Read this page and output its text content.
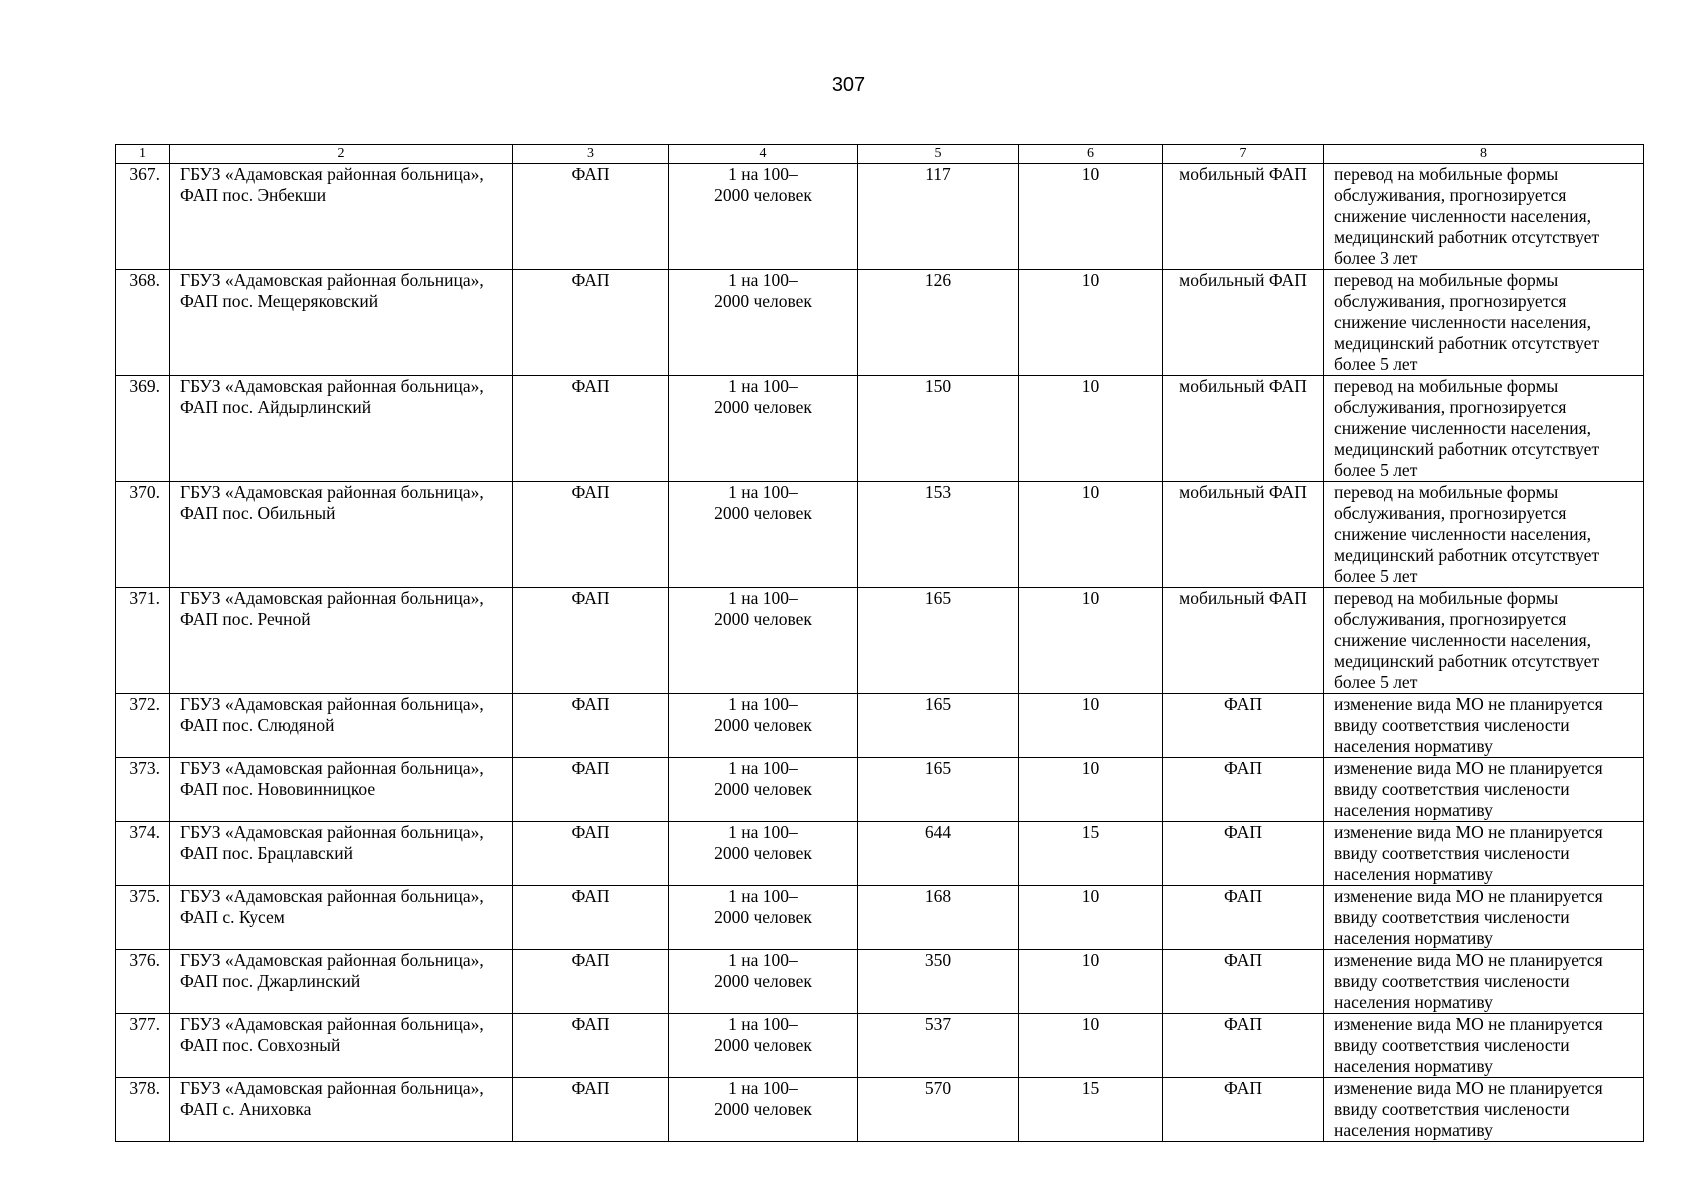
307
1	2	3	4	5	6	7	8
367.	ГБУЗ «Адамовская районная больница»,
ФАП пос. Энбекши	ФАП	1 на 100–
2000 человек	117	10	мобильный ФАП	перевод на мобильные формы
обслуживания, прогнозируется
снижение численности населения,
медицинский работник отсутствует
более 3 лет
368.	ГБУЗ «Адамовская районная больница»,
ФАП пос. Мещеряковский	ФАП	1 на 100–
2000 человек	126	10	мобильный ФАП	перевод на мобильные формы
обслуживания, прогнозируется
снижение численности населения,
медицинский работник отсутствует
более 5 лет
369.	ГБУЗ «Адамовская районная больница»,
ФАП пос. Айдырлинский	ФАП	1 на 100–
2000 человек	150	10	мобильный ФАП	перевод на мобильные формы
обслуживания, прогнозируется
снижение численности населения,
медицинский работник отсутствует
более 5 лет
370.	ГБУЗ «Адамовская районная больница»,
ФАП пос. Обильный	ФАП	1 на 100–
2000 человек	153	10	мобильный ФАП	перевод на мобильные формы
обслуживания, прогнозируется
снижение численности населения,
медицинский работник отсутствует
более 5 лет
371.	ГБУЗ «Адамовская районная больница»,
ФАП пос. Речной	ФАП	1 на 100–
2000 человек	165	10	мобильный ФАП	перевод на мобильные формы
обслуживания, прогнозируется
снижение численности населения,
медицинский работник отсутствует
более 5 лет
372.	ГБУЗ «Адамовская районная больница»,
ФАП пос. Слюдяной	ФАП	1 на 100–
2000 человек	165	10	ФАП	изменение вида МО не планируется
ввиду соответствия числености
населения нормативу
373.	ГБУЗ «Адамовская районная больница»,
ФАП пос. Нововинницкое	ФАП	1 на 100–
2000 человек	165	10	ФАП	изменение вида МО не планируется
ввиду соответствия числености
населения нормативу
374.	ГБУЗ «Адамовская районная больница»,
ФАП пос. Брацлавский	ФАП	1 на 100–
2000 человек	644	15	ФАП	изменение вида МО не планируется
ввиду соответствия числености
населения нормативу
375.	ГБУЗ «Адамовская районная больница»,
ФАП с. Кусем	ФАП	1 на 100–
2000 человек	168	10	ФАП	изменение вида МО не планируется
ввиду соответствия числености
населения нормативу
376.	ГБУЗ «Адамовская районная больница»,
ФАП пос. Джарлинский	ФАП	1 на 100–
2000 человек	350	10	ФАП	изменение вида МО не планируется
ввиду соответствия числености
населения нормативу
377.	ГБУЗ «Адамовская районная больница»,
ФАП пос. Совхозный	ФАП	1 на 100–
2000 человек	537	10	ФАП	изменение вида МО не планируется
ввиду соответствия числености
населения нормативу
378.	ГБУЗ «Адамовская районная больница»,
ФАП с. Аниховка	ФАП	1 на 100–
2000 человек	570	15	ФАП	изменение вида МО не планируется
ввиду соответствия числености
населения нормативу
